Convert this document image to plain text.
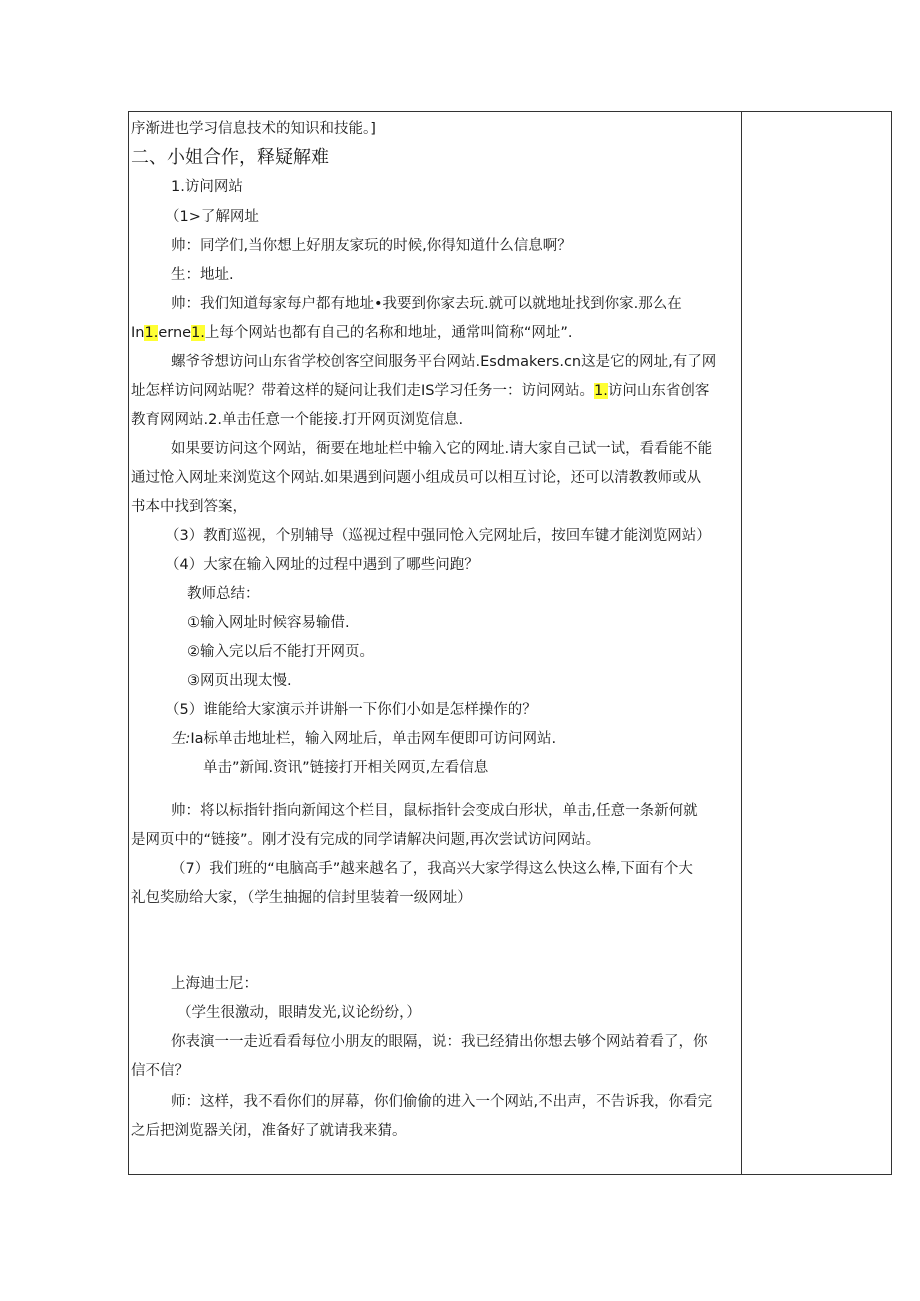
序渐进也学习信息技术的知识和技能。]
二、小姐合作，释疑解难
1.访问网站
（1>了解网址
帅：同学们,当你想上好朋友家玩的时候,你得知道什么信息啊？
生：地址.
帅：我们知道每家每户都有地址•我要到你家去玩.就可以就地址找到你家.那么在
In1.erne1.上每个网站也都有自己的名称和地址，通常叫简称“网址”.
螺爷爷想访问山东省学校创客空间服务平台网站.Esdmakers.cn这是它的网址,有了网
址怎样访问网站呢？带着这样的疑问让我们走IS学习任务一：访问网站。1.访问山东省创客
教育网网站.2.单击任意一个能接.打开网页浏览信息.
如果要访问这个网站，衙要在地址栏中输入它的网址.请大家自己试一试，看看能不能
通过怆入网址来浏览这个网站.如果遇到问题小组成员可以相互讨论，还可以清教教师或从
书本中找到答案，
（3）教酊巡视，个别辅导（巡视过程中强同怆入完网址后，按回车键才能浏览网站）
（4）大家在输入网址的过程中遇到了哪些问跑？
教师总结：
①输入网址时候容易输借.
②输入完以后不能打开网页。
③网页出现太慢.
（5）谁能给大家演示并讲斛一下你们小如是怎样操作的？
生:Ia标单击地址栏，输入网址后，单击网车便即可访问网站.
单击”新闻.资讯”链接打开相关网页,左看信息
帅：将以标指针指向新闻这个栏目，鼠标指针会变成白形状，单击,任意一条新何就
是网页中的“链接”。刚才没有完成的同学请解决问题,再次尝试访问网站。
（7）我们班的“电脑高手”越来越名了，我高兴大家学得这么快这么棒,下面有个大
礼包奖励给大家，（学生抽掘的信封里装着一级网址）
上海迪士尼：
（学生很激动，眼睛发光,议论纷纷，）
你表演一一走近看看每位小朋友的眼隔，说：我已经猜出你想去够个网站着看了，你
信不信？
师：这样，我不看你们的屏幕，你们偷偷的进入一个网站,不出声，不告诉我，你看完
之后把浏览器关闭，准备好了就请我来猜。
